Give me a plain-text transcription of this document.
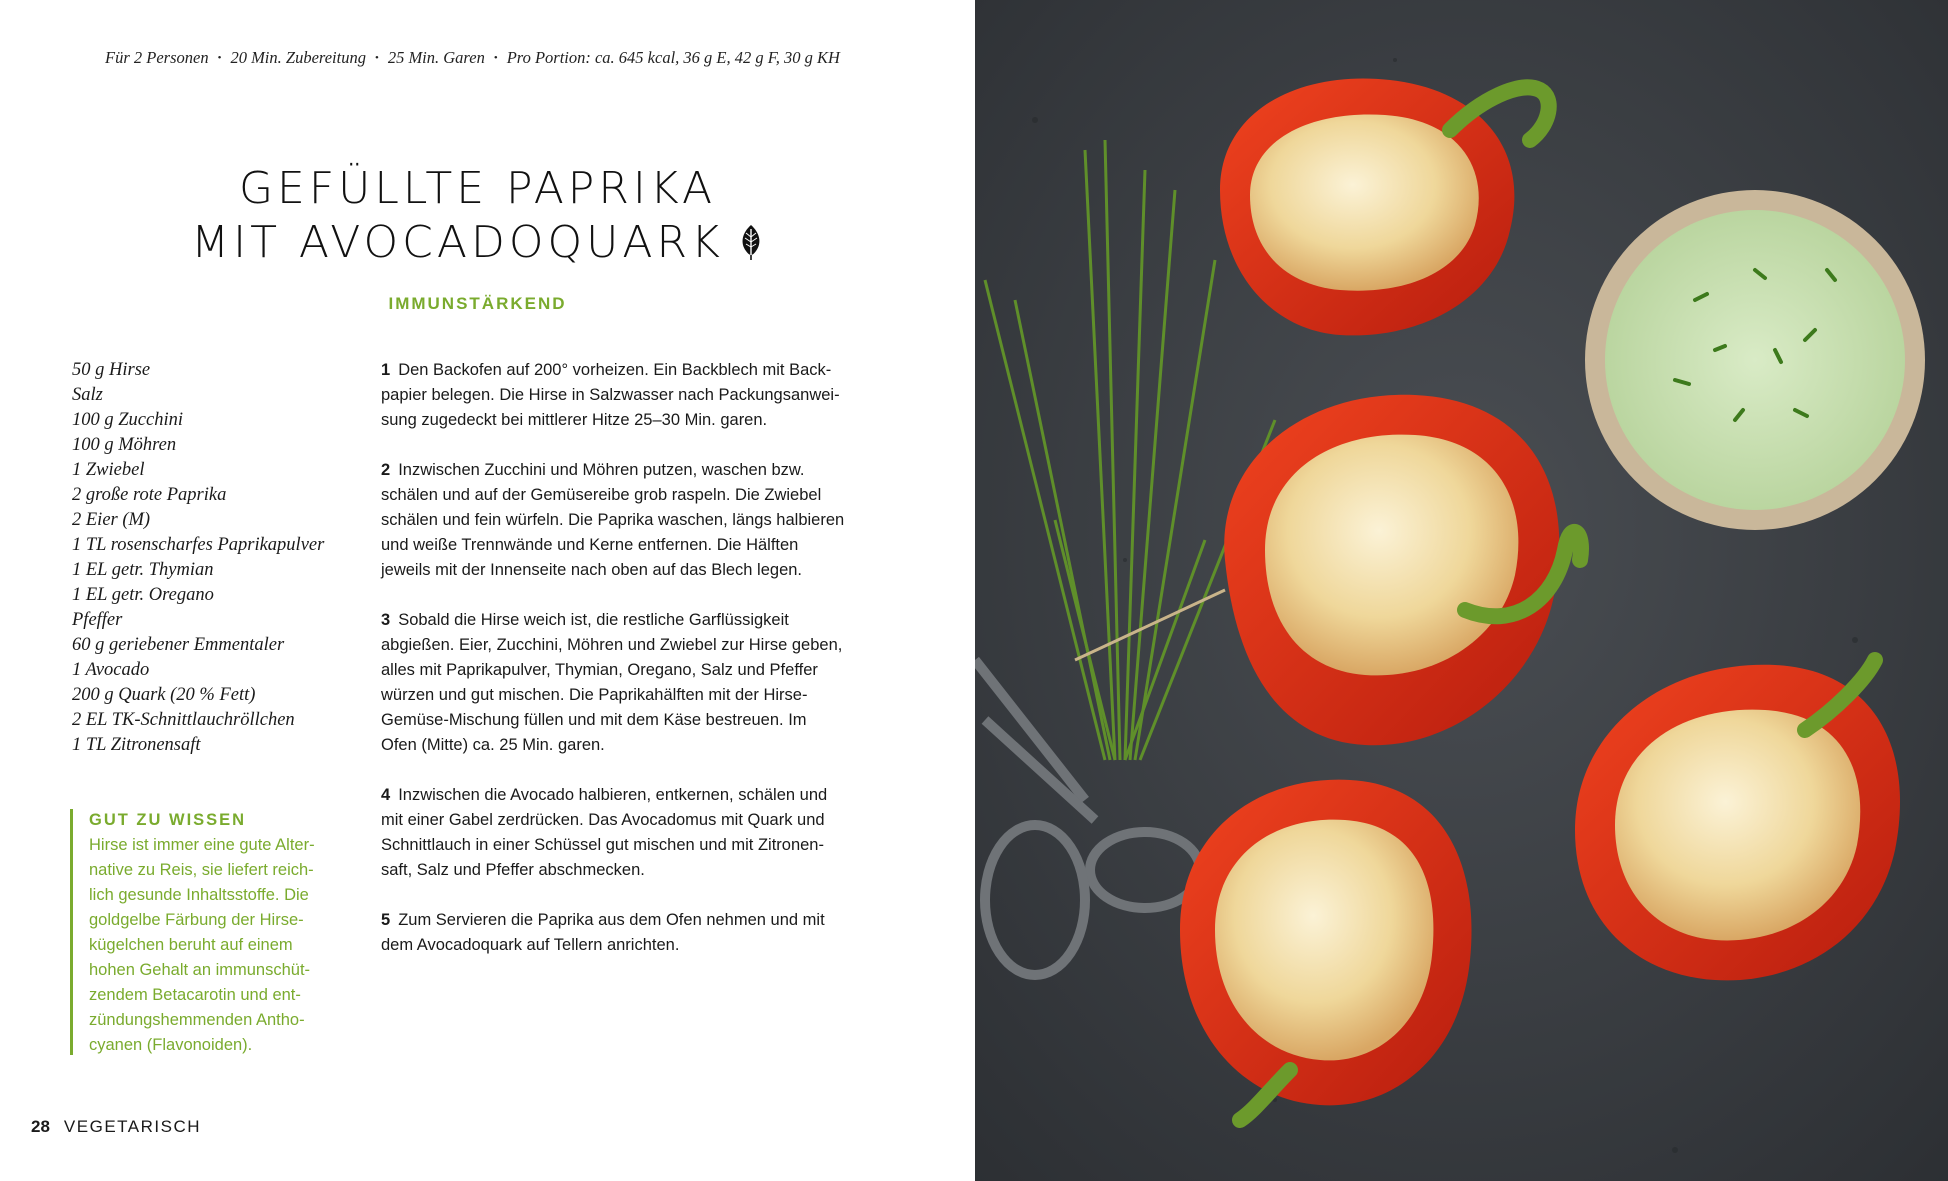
Für 2 Personen • 20 Min. Zubereitung • 25 Min. Garen • Pro Portion: ca. 645 kcal, 36 g E, 42 g F, 30 g KH
GEFÜLLTE PAPRIKA
MIT AVOCADOQUARK
IMMUNSTÄRKEND
50 g Hirse
Salz
100 g Zucchini
100 g Möhren
1 Zwiebel
2 große rote Paprika
2 Eier (M)
1 TL rosenscharfes Paprikapulver
1 EL getr. Thymian
1 EL getr. Oregano
Pfeffer
60 g geriebener Emmentaler
1 Avocado
200 g Quark (20 % Fett)
2 EL TK-Schnittlauchröllchen
1 TL Zitronensaft
GUT ZU WISSEN
Hirse ist immer eine gute Alter-
native zu Reis, sie liefert reich-
lich gesunde Inhaltsstoffe. Die
goldgelbe Färbung der Hirse-
kügelchen beruht auf einem
hohen Gehalt an immunschüt-
zendem Betacarotin und ent-
zündungshemmenden Antho-
cyanen (Flavonoiden).
1 Den Backofen auf 200° vorheizen. Ein Backblech mit Back-
papier belegen. Die Hirse in Salzwasser nach Packungsanwei-
sung zugedeckt bei mittlerer Hitze 25–30 Min. garen.
2 Inzwischen Zucchini und Möhren putzen, waschen bzw.
schälen und auf der Gemüsereibe grob raspeln. Die Zwiebel
schälen und fein würfeln. Die Paprika waschen, längs halbieren
und weiße Trennwände und Kerne entfernen. Die Hälften
jeweils mit der Innenseite nach oben auf das Blech legen.
3 Sobald die Hirse weich ist, die restliche Garflüssigkeit
abgießen. Eier, Zucchini, Möhren und Zwiebel zur Hirse geben,
alles mit Paprikapulver, Thymian, Oregano, Salz und Pfeffer
würzen und gut mischen. Die Paprikahälften mit der Hirse-
Gemüse-Mischung füllen und mit dem Käse bestreuen. Im
Ofen (Mitte) ca. 25 Min. garen.
4 Inzwischen die Avocado halbieren, entkernen, schälen und
mit einer Gabel zerdrücken. Das Avocadomus mit Quark und
Schnittlauch in einer Schüssel gut mischen und mit Zitronen-
saft, Salz und Pfeffer abschmecken.
5 Zum Servieren die Paprika aus dem Ofen nehmen und mit
dem Avocadoquark auf Tellern anrichten.
28 VEGETARISCH
